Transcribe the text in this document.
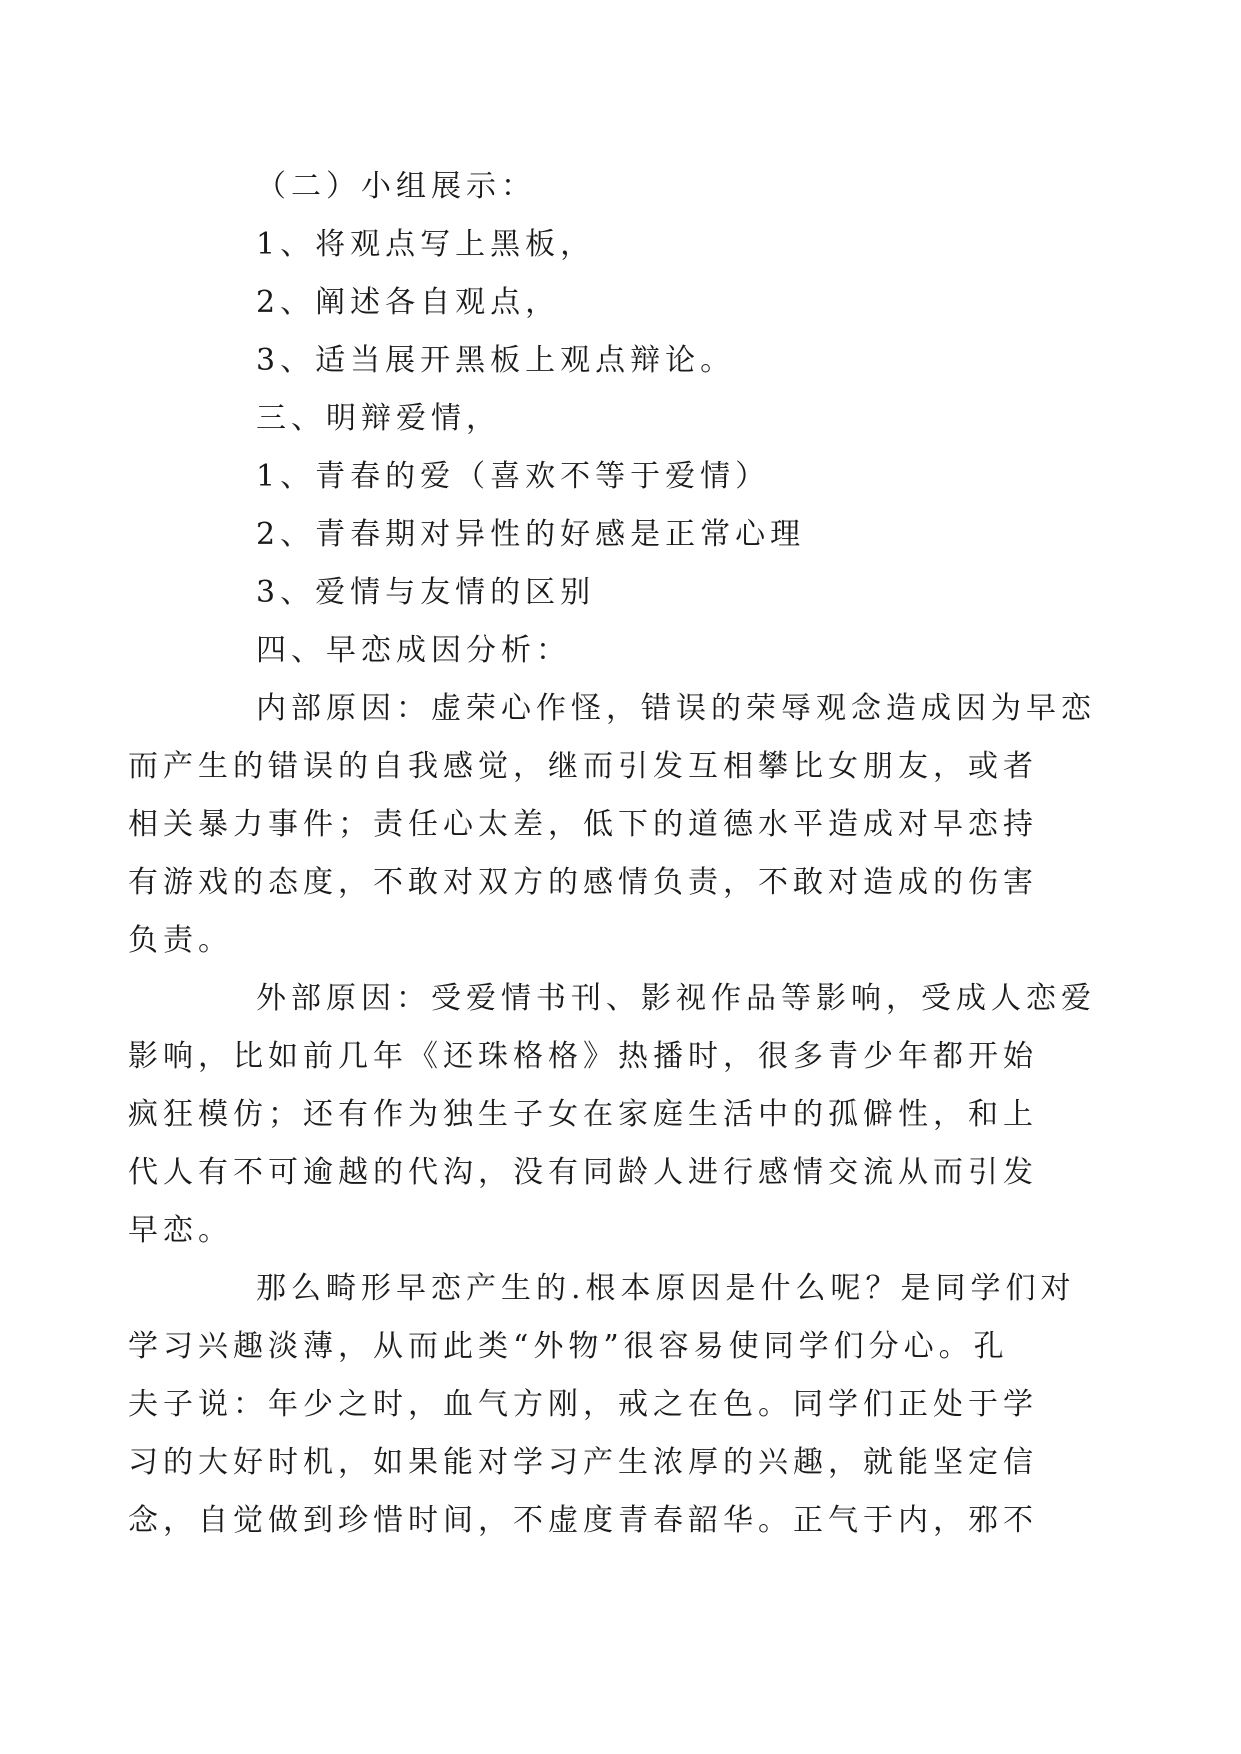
（二）小组展示：

1、将观点写上黑板，

2、阐述各自观点，

3、适当展开黑板上观点辩论。

三、明辩爱情，

1、青春的爱（喜欢不等于爱情）

2、青春期对异性的好感是正常心理

3、爱情与友情的区别

四、早恋成因分析：

内部原因：虚荣心作怪，错误的荣辱观念造成因为早恋
而产生的错误的自我感觉，继而引发互相攀比女朋友，或者
相关暴力事件；责任心太差，低下的道德水平造成对早恋持
有游戏的态度，不敢对双方的感情负责，不敢对造成的伤害
负责。
外部原因：受爱情书刊、影视作品等影响，受成人恋爱
影响，比如前几年《还珠格格》热播时，很多青少年都开始
疯狂模仿；还有作为独生子女在家庭生活中的孤僻性，和上
代人有不可逾越的代沟，没有同龄人进行感情交流从而引发
早恋。
那么畸形早恋产生的.根本原因是什么呢？是同学们对
学习兴趣淡薄，从而此类“外物”很容易使同学们分心。孔
夫子说：年少之时，血气方刚，戒之在色。同学们正处于学
习的大好时机，如果能对学习产生浓厚的兴趣，就能坚定信
念，自觉做到珍惜时间，不虚度青春韶华。正气于内，邪不
